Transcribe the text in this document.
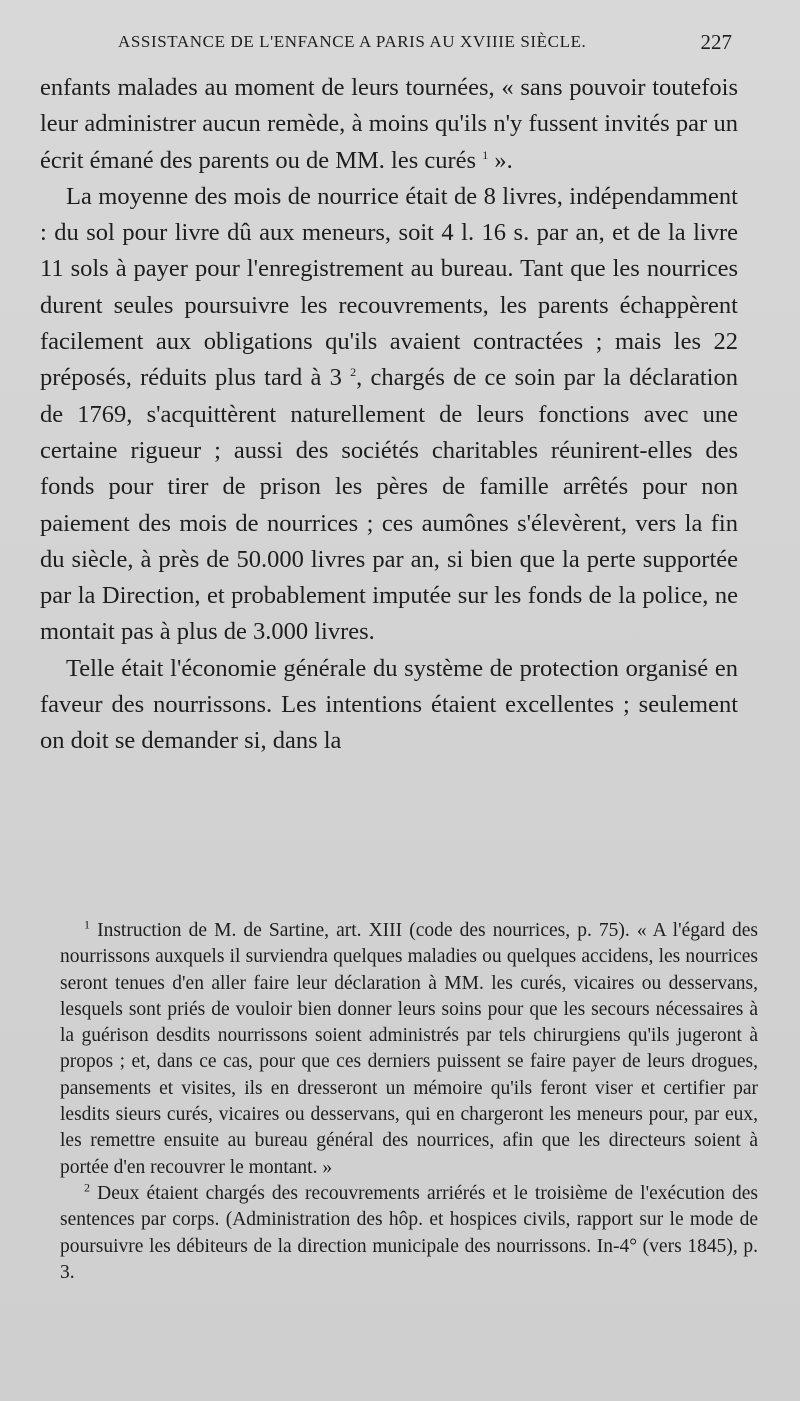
ASSISTANCE DE L'ENFANCE A PARIS AU XVIIIE SIÈCLE.	227

enfants malades au moment de leurs tournées, « sans pouvoir toutefois leur administrer aucun remède, à moins qu'ils n'y fussent invités par un écrit émané des parents ou de MM. les curés $^1$ ».

La moyenne des mois de nourrice était de 8 livres, indépendamment : du sol pour livre dû aux meneurs, soit 4 l. 16 s. par an, et de la livre 11 sols à payer pour l'enregistrement au bureau. Tant que les nourrices durent seules poursuivre les recouvrements, les parents échappèrent facilement aux obligations qu'ils avaient contractées ; mais les 22 préposés, réduits plus tard à 3 $^2$, chargés de ce soin par la déclaration de 1769, s'acquittèrent naturellement de leurs fonctions avec une certaine rigueur ; aussi des sociétés charitables réunirent-elles des fonds pour tirer de prison les pères de famille arrêtés pour non paiement des mois de nourrices ; ces aumônes s'élevèrent, vers la fin du siècle, à près de 50.000 livres par an, si bien que la perte supportée par la Direction, et probablement imputée sur les fonds de la police, ne montait pas à plus de 3.000 livres.

Telle était l'économie générale du système de protection organisé en faveur des nourrissons. Les intentions étaient excellentes ; seulement on doit se demander si, dans la

$^1$ Instruction de M. de Sartine, art. XIII (code des nourrices, p. 75). « A l'égard des nourrissons auxquels il surviendra quelques maladies ou quelques accidens, les nourrices seront tenues d'en aller faire leur déclaration à MM. les curés, vicaires ou desservans, lesquels sont priés de vouloir bien donner leurs soins pour que les secours nécessaires à la guérison desdits nourrissons soient administrés par tels chirurgiens qu'ils jugeront à propos ; et, dans ce cas, pour que ces derniers puissent se faire payer de leurs drogues, pansements et visites, ils en dresseront un mémoire qu'ils feront viser et certifier par lesdits sieurs curés, vicaires ou desservans, qui en chargeront les meneurs pour, par eux, les remettre ensuite au bureau général des nourrices, afin que les directeurs soient à portée d'en recouvrer le montant. »

$^2$ Deux étaient chargés des recouvrements arriérés et le troisième de l'exécution des sentences par corps. (Administration des hôp. et hospices civils, rapport sur le mode de poursuivre les débiteurs de la direction municipale des nourrissons. In-4° (vers 1845), p. 3.
